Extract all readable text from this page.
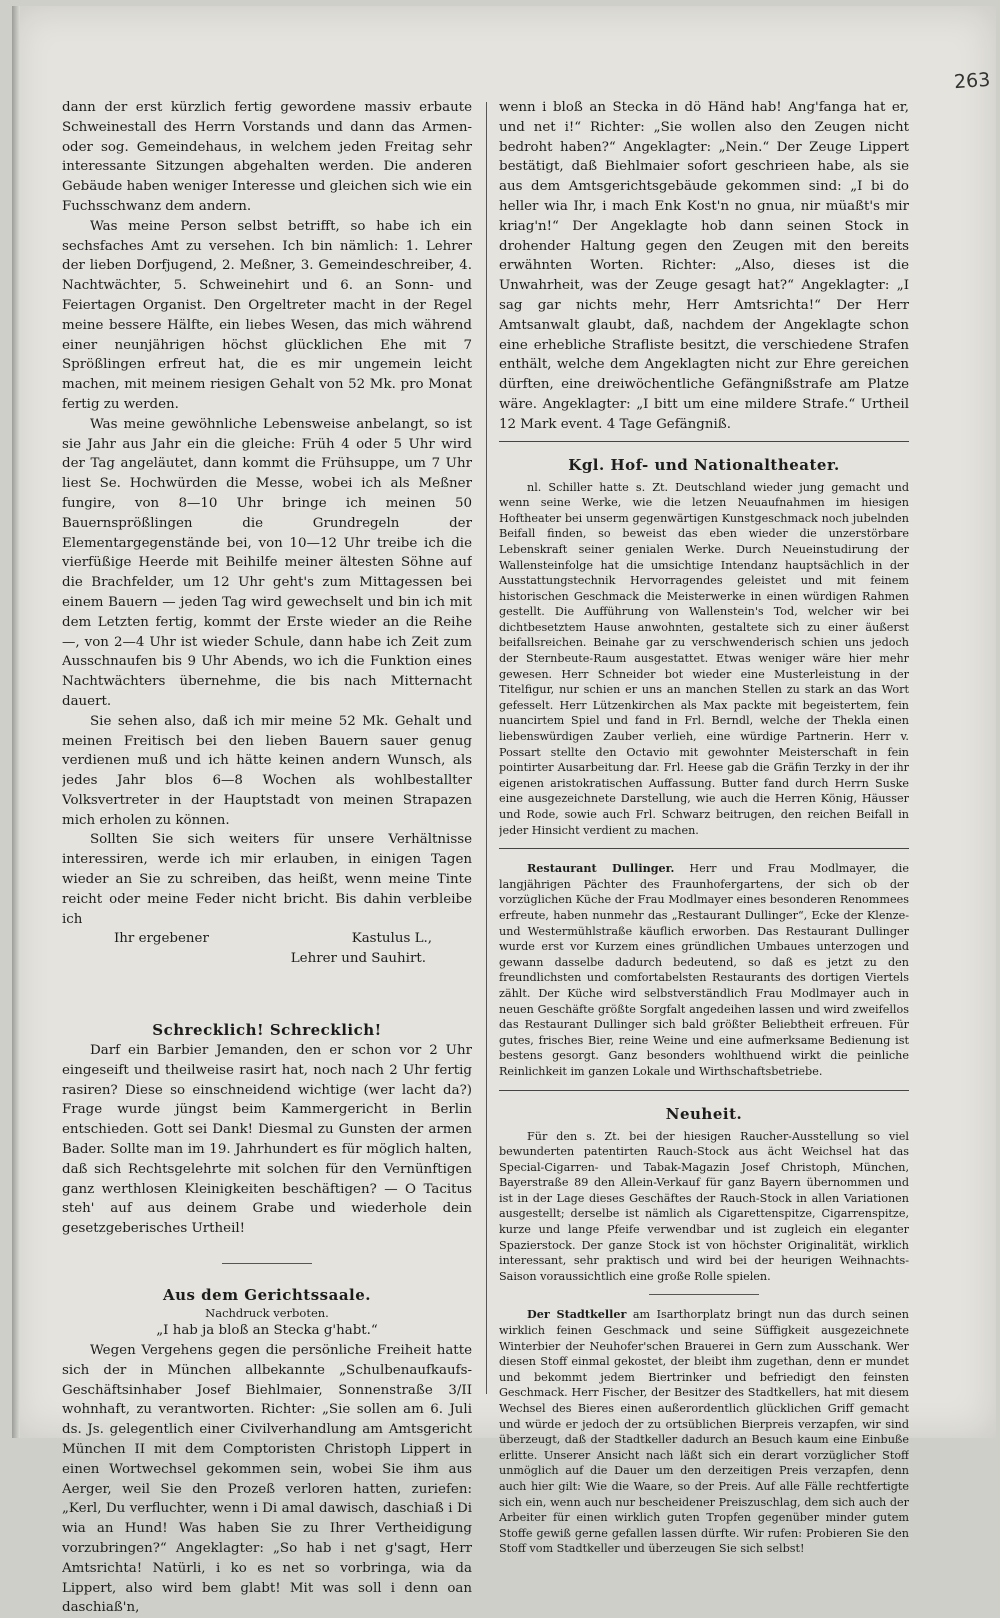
263

dann der erst kürzlich fertig gewordene massiv erbaute Schweinestall des Herrn Vorstands und dann das Armen- oder sog. Gemeindehaus, in welchem jeden Freitag sehr interessante Sitzungen abgehalten werden. Die anderen Gebäude haben weniger Interesse und gleichen sich wie ein Fuchsschwanz dem andern.

Was meine Person selbst betrifft, so habe ich ein sechsfaches Amt zu versehen. Ich bin nämlich: 1. Lehrer der lieben Dorfjugend, 2. Meßner, 3. Gemeindeschreiber, 4. Nachtwächter, 5. Schweinehirt und 6. an Sonn- und Feiertagen Organist. Den Orgeltreter macht in der Regel meine bessere Hälfte, ein liebes Wesen, das mich während einer neunjährigen höchst glücklichen Ehe mit 7 Sprößlingen erfreut hat, die es mir ungemein leicht machen, mit meinem riesigen Gehalt von 52 Mk. pro Monat fertig zu werden.

Was meine gewöhnliche Lebensweise anbelangt, so ist sie Jahr aus Jahr ein die gleiche: Früh 4 oder 5 Uhr wird der Tag angeläutet, dann kommt die Frühsuppe, um 7 Uhr liest Se. Hochwürden die Messe, wobei ich als Meßner fungire, von 8—10 Uhr bringe ich meinen 50 Bauernsprößlingen die Grundregeln der Elementargegenstände bei, von 10—12 Uhr treibe ich die vierfüßige Heerde mit Beihilfe meiner ältesten Söhne auf die Brachfelder, um 12 Uhr geht's zum Mittagessen bei einem Bauern — jeden Tag wird gewechselt und bin ich mit dem Letzten fertig, kommt der Erste wieder an die Reihe —, von 2—4 Uhr ist wieder Schule, dann habe ich Zeit zum Ausschnaufen bis 9 Uhr Abends, wo ich die Funktion eines Nachtwächters übernehme, die bis nach Mitternacht dauert.

Sie sehen also, daß ich mir meine 52 Mk. Gehalt und meinen Freitisch bei den lieben Bauern sauer genug verdienen muß und ich hätte keinen andern Wunsch, als jedes Jahr blos 6—8 Wochen als wohlbestallter Volksvertreter in der Hauptstadt von meinen Strapazen mich erholen zu können.

Sollten Sie sich weiters für unsere Verhältnisse interessiren, werde ich mir erlauben, in einigen Tagen wieder an Sie zu schreiben, das heißt, wenn meine Tinte reicht oder meine Feder nicht bricht. Bis dahin verbleibe ich

Ihr ergebener	Kastulus L.,
Lehrer und Sauhirt.
Schrecklich! Schrecklich!

Darf ein Barbier Jemanden, den er schon vor 2 Uhr eingeseift und theilweise rasirt hat, noch nach 2 Uhr fertig rasiren? Diese so einschneidend wichtige (wer lacht da?) Frage wurde jüngst beim Kammergericht in Berlin entschieden. Gott sei Dank! Diesmal zu Gunsten der armen Bader. Sollte man im 19. Jahrhundert es für möglich halten, daß sich Rechtsgelehrte mit solchen für den Vernünftigen ganz werthlosen Kleinigkeiten beschäftigen? — O Tacitus steh' auf aus deinem Grabe und wiederhole dein gesetzgeberisches Urtheil!

Aus dem Gerichtssaale.
Nachdruck verboten.
„I hab ja bloß an Stecka g'habt.“

Wegen Vergehens gegen die persönliche Freiheit hatte sich der in München allbekannte „Schulbenaufkaufs-Geschäftsinhaber Josef Biehlmaier, Sonnenstraße 3/II wohnhaft, zu verantworten. Richter: „Sie sollen am 6. Juli ds. Js. gelegentlich einer Civilverhandlung am Amtsgericht München II mit dem Comptoristen Christoph Lippert in einen Wortwechsel gekommen sein, wobei Sie ihm aus Aerger, weil Sie den Prozeß verloren hatten, zuriefen: „Kerl, Du verfluchter, wenn i Di amal dawisch, daschiaß i Di wia an Hund! Was haben Sie zu Ihrer Vertheidigung vorzubringen?“ Angeklagter: „So hab i net g'sagt, Herr Amtsrichta! Natürli, i ko es net so vorbringa, wia da Lippert, also wird bem glabt! Mit was soll i denn oan daschiaß'n,

wenn i bloß an Stecka in dö Händ hab! Ang'fanga hat er, und net i!“ Richter: „Sie wollen also den Zeugen nicht bedroht haben?“ Angeklagter: „Nein.“ Der Zeuge Lippert bestätigt, daß Biehlmaier sofort geschrieen habe, als sie aus dem Amtsgerichtsgebäude gekommen sind: „I bi do heller wia Ihr, i mach Enk Kost'n no gnua, nir müaßt's mir kriag'n!“ Der Angeklagte hob dann seinen Stock in drohender Haltung gegen den Zeugen mit den bereits erwähnten Worten. Richter: „Also, dieses ist die Unwahrheit, was der Zeuge gesagt hat?“ Angeklagter: „I sag gar nichts mehr, Herr Amtsrichta!“ Der Herr Amtsanwalt glaubt, daß, nachdem der Angeklagte schon eine erhebliche Strafliste besitzt, die verschiedene Strafen enthält, welche dem Angeklagten nicht zur Ehre gereichen dürften, eine dreiwöchentliche Gefängnißstrafe am Platze wäre. Angeklagter: „I bitt um eine mildere Strafe.“ Urtheil 12 Mark event. 4 Tage Gefängniß.

Kgl. Hof- und Nationaltheater.

nl. Schiller hatte s. Zt. Deutschland wieder jung gemacht und wenn seine Werke, wie die letzen Neuaufnahmen im hiesigen Hoftheater bei unserm gegenwärtigen Kunstgeschmack noch jubelnden Beifall finden, so beweist das eben wieder die unzerstörbare Lebenskraft seiner genialen Werke. Durch Neueinstudirung der Wallensteinfolge hat die umsichtige Intendanz hauptsächlich in der Ausstattungstechnik Hervorragendes geleistet und mit feinem historischen Geschmack die Meisterwerke in einen würdigen Rahmen gestellt. Die Aufführung von Wallenstein's Tod, welcher wir bei dichtbesetztem Hause anwohnten, gestaltete sich zu einer äußerst beifallsreichen. Beinahe gar zu verschwenderisch schien uns jedoch der Sternbeute-Raum ausgestattet. Etwas weniger wäre hier mehr gewesen. Herr Schneider bot wieder eine Musterleistung in der Titelfigur, nur schien er uns an manchen Stellen zu stark an das Wort gefesselt. Herr Lützenkirchen als Max packte mit begeistertem, fein nuancirtem Spiel und fand in Frl. Berndl, welche der Thekla einen liebenswürdigen Zauber verlieh, eine würdige Partnerin. Herr v. Possart stellte den Octavio mit gewohnter Meisterschaft in fein pointirter Ausarbeitung dar. Frl. Heese gab die Gräfin Terzky in der ihr eigenen aristokratischen Auffassung. Butter fand durch Herrn Suske eine ausgezeichnete Darstellung, wie auch die Herren König, Häusser und Rode, sowie auch Frl. Schwarz beitrugen, den reichen Beifall in jeder Hinsicht verdient zu machen.

Restaurant Dullinger. Herr und Frau Modlmayer, die langjährigen Pächter des Fraunhofergartens, der sich ob der vorzüglichen Küche der Frau Modlmayer eines besonderen Renommees erfreute, haben nunmehr das „Restaurant Dullinger“, Ecke der Klenze- und Westermühlstraße käuflich erworben. Das Restaurant Dullinger wurde erst vor Kurzem eines gründlichen Umbaues unterzogen und gewann dasselbe dadurch bedeutend, so daß es jetzt zu den freundlichsten und comfortabelsten Restaurants des dortigen Viertels zählt. Der Küche wird selbstverständlich Frau Modlmayer auch in neuen Geschäfte größte Sorgfalt angedeihen lassen und wird zweifellos das Restaurant Dullinger sich bald größter Beliebtheit erfreuen. Für gutes, frisches Bier, reine Weine und eine aufmerksame Bedienung ist bestens gesorgt. Ganz besonders wohlthuend wirkt die peinliche Reinlichkeit im ganzen Lokale und Wirthschaftsbetriebe.

Neuheit.

Für den s. Zt. bei der hiesigen Raucher-Ausstellung so viel bewunderten patentirten Rauch-Stock aus ächt Weichsel hat das Special-Cigarren- und Tabak-Magazin Josef Christoph, München, Bayerstraße 89 den Allein-Verkauf für ganz Bayern übernommen und ist in der Lage dieses Geschäftes der Rauch-Stock in allen Variationen ausgestellt; derselbe ist nämlich als Cigarettenspitze, Cigarrenspitze, kurze und lange Pfeife verwendbar und ist zugleich ein eleganter Spazierstock. Der ganze Stock ist von höchster Originalität, wirklich interessant, sehr praktisch und wird bei der heurigen Weihnachts-Saison voraussichtlich eine große Rolle spielen.

Der Stadtkeller am Isarthorplatz bringt nun das durch seinen wirklich feinen Geschmack und seine Süffigkeit ausgezeichnete Winterbier der Neuhofer'schen Brauerei in Gern zum Ausschank. Wer diesen Stoff einmal gekostet, der bleibt ihm zugethan, denn er mundet und bekommt jedem Biertrinker und befriedigt den feinsten Geschmack. Herr Fischer, der Besitzer des Stadtkellers, hat mit diesem Wechsel des Bieres einen außerordentlich glücklichen Griff gemacht und würde er jedoch der zu ortsüblichen Bierpreis verzapfen, wir sind überzeugt, daß der Stadtkeller dadurch an Besuch kaum eine Einbuße erlitte. Unserer Ansicht nach läßt sich ein derart vorzüglicher Stoff unmöglich auf die Dauer um den derzeitigen Preis verzapfen, denn auch hier gilt: Wie die Waare, so der Preis. Auf alle Fälle rechtfertigte sich ein, wenn auch nur bescheidener Preiszuschlag, dem sich auch der Arbeiter für einen wirklich guten Tropfen gegenüber minder gutem Stoffe gewiß gerne gefallen lassen dürfte. Wir rufen: Probieren Sie den Stoff vom Stadtkeller und überzeugen Sie sich selbst!
